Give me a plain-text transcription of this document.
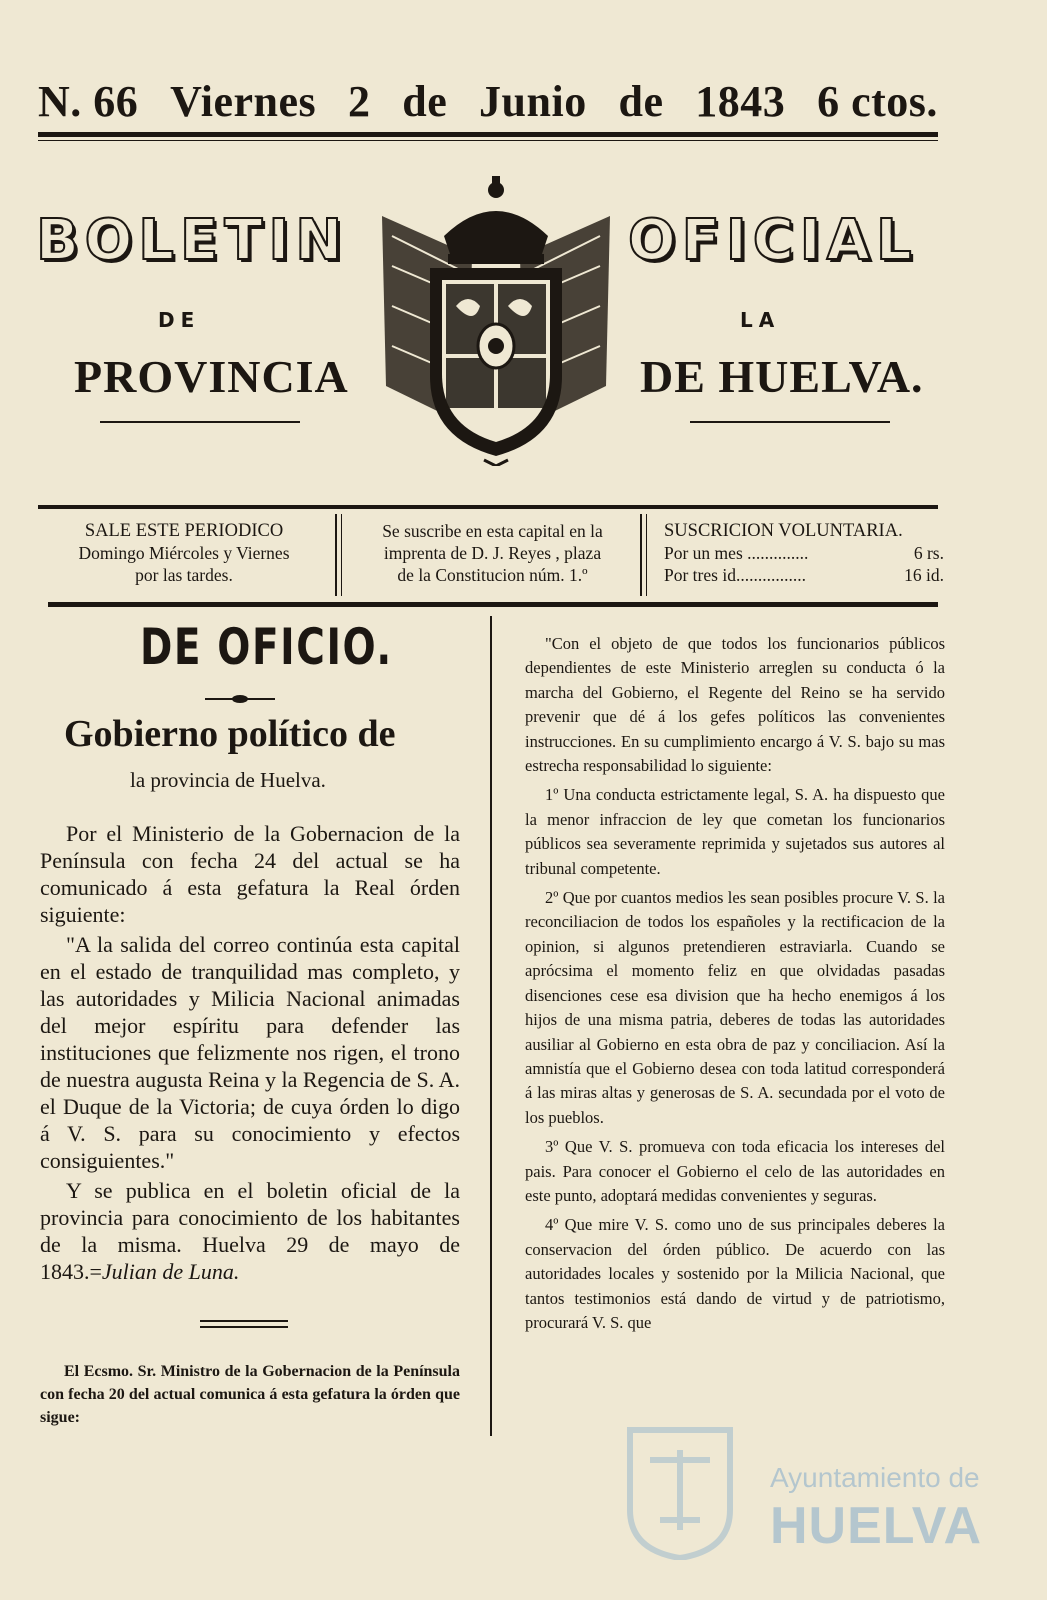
N. 66 Viernes 2 de Junio de 1843 6 ctos.
BOLETIN	OFICIAL
DE	LA
PROVINCIA	DE HUELVA.
SALE ESTE PERIODICO
Domingo Miércoles y Viernes
por las tardes.
Se suscribe en esta capital en la
imprenta de D. J. Reyes , plaza
de la Constitucion núm. 1.º
SUSCRICION VOLUNTARIA.
Por un mes ..............	6 rs.
Por tres id................	16 id.
DE OFICIO.
Gobierno político de
la provincia de Huelva.

Por el Ministerio de la Gobernacion de la Península con fecha 24 del actual se ha comunicado á esta gefatura la Real órden siguiente:

"A la salida del correo continúa esta capital en el estado de tranquilidad mas completo, y las autoridades y Milicia Nacional animadas del mejor espíritu para defender las instituciones que felizmente nos rigen, el trono de nuestra augusta Reina y la Regencia de S. A. el Duque de la Victoria; de cuya órden lo digo á V. S. para su conocimiento y efectos consiguientes."

Y se publica en el boletin oficial de la provincia para conocimiento de los habitantes de la misma. Huelva 29 de mayo de 1843.=Julian de Luna.

El Ecsmo. Sr. Ministro de la Gobernacion de la Península con fecha 20 del actual comunica á esta gefatura la órden que sigue:

"Con el objeto de que todos los funcionarios públicos dependientes de este Ministerio arreglen su conducta ó la marcha del Gobierno, el Regente del Reino se ha servido prevenir que dé á los gefes políticos las convenientes instrucciones. En su cumplimiento encargo á V. S. bajo su mas estrecha responsabilidad lo siguiente:

1º Una conducta estrictamente legal, S. A. ha dispuesto que la menor infraccion de ley que cometan los funcionarios públicos sea severamente reprimida y sujetados sus autores al tribunal competente.

2º Que por cuantos medios les sean posibles procure V. S. la reconciliacion de todos los españoles y la rectificacion de la opinion, si algunos pretendieren estraviarla. Cuando se aprócsima el momento feliz en que olvidadas pasadas disenciones cese esa division que ha hecho enemigos á los hijos de una misma patria, deberes de todas las autoridades ausiliar al Gobierno en esta obra de paz y conciliacion. Así la amnistía que el Gobierno desea con toda latitud corresponderá á las miras altas y generosas de S. A. secundada por el voto de los pueblos.

3º Que V. S. promueva con toda eficacia los intereses del pais. Para conocer el Gobierno el celo de las autoridades en este punto, adoptará medidas convenientes y seguras.

4º Que mire V. S. como uno de sus principales deberes la conservacion del órden público. De acuerdo con las autoridades locales y sostenido por la Milicia Nacional, que tantos testimonios está dando de virtud y de patriotismo, procurará V. S. que

Ayuntamiento de
HUELVA
